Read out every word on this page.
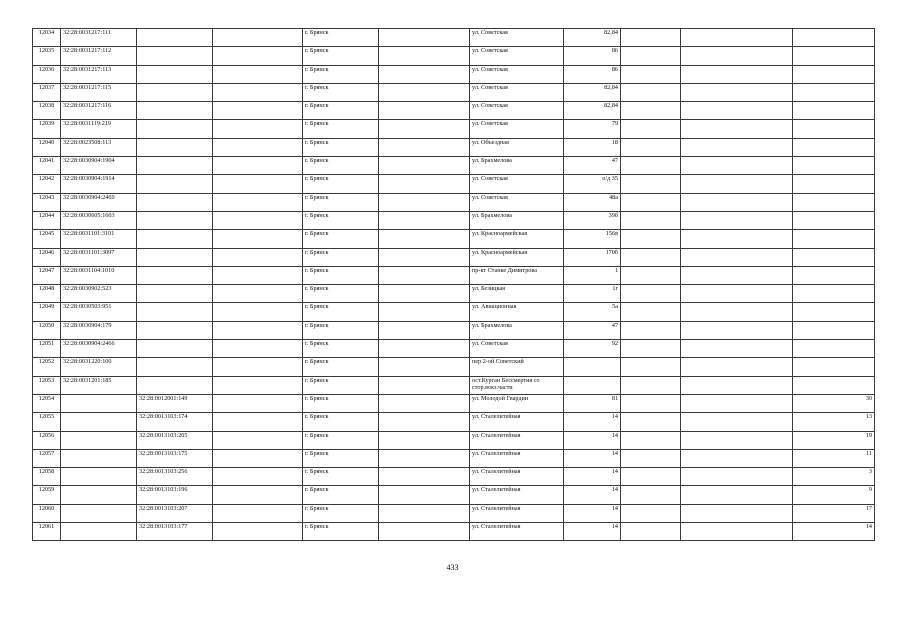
12034	32:28:0031217:111			г. Брянск		ул. Советская	82,84			
12035	32:28:0031217:112			г. Брянск		ул. Советская	86			
12036	32:28:0031217:113			г. Брянск		ул. Советская	86			
12037	32:28:0031217:115			г. Брянск		ул. Советская	82,84			
12038	32:28:0031217:116			г. Брянск		ул. Советская	82,84			
12039	32:28:0031119:219			г. Брянск		ул. Советская	79			
12040	32:28:0023508:113			г. Брянск		ул. Объездная	18			
12041	32:28:0030904:1904			г. Брянск		ул. Брахмелова	47			
12042	32:28:0030904:1914			г. Брянск		ул. Советская	о/д 35			
12043	32:28:0030904:2469			г. Брянск		ул. Советская	48а			
12044	32:28:0030605:1603			г. Брянск		ул. Брахмелова	39б			
12045	32:28:0031101:3101			г. Брянск		ул. Красноармейская	156в			
12046	32:28:0031101:3097			г. Брянск		ул. Красноармейская	170б			
12047	32:28:0031104:1010			г. Брянск		пр-кт Станке Димитрова	1			
12048	32:28:0030902:523			г. Брянск		ул. Безицкая	1г			
12049	32:28:0030503:951			г. Брянск		ул. Авиационная	5а			
12050	32:28:0030904:179			г. Брянск		ул. Брахмелова	47			
12051	32:28:0030904:2466			г. Брянск		ул. Советская	92			
12052	32:28:0031220:100			г. Брянск		пер 2-ой Советский				
12053	32:28:0031201:185			г. Брянск		ост.Курган Бессмертия со стор.вокз.части				
12054		32:28:0012001:149		г. Брянск		ул. Молодой Гвардии	81			30
12055		32:28:0013103:174		г. Брянск		ул. Сталелитейная	14			13
12056		32:28:0013103:205		г. Брянск		ул. Сталелитейная	14			19
12057		32:28:0013103:175		г. Брянск		ул. Сталелитейная	14			11
12058		32:28:0013103:256		г. Брянск		ул. Сталелитейная	14			3
12059		32:28:0013103:196		г. Брянск		ул. Сталелитейная	14			9
12060		32:28:0013103:207		г. Брянск		ул. Сталелитейная	14			17
12061		32:28:0013103:177		г. Брянск		ул. Сталелитейная	14			14
433
